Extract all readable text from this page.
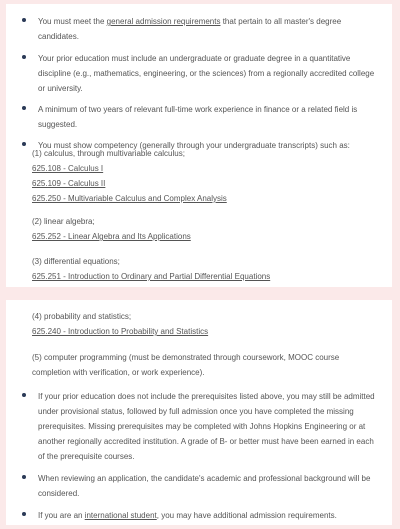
You must meet the general admission requirements that pertain to all master's degree candidates.
Your prior education must include an undergraduate or graduate degree in a quantitative discipline (e.g., mathematics, engineering, or the sciences) from a regionally accredited college or university.
A minimum of two years of relevant full-time work experience in finance or a related field is suggested.
You must show competency (generally through your undergraduate transcripts) such as:
(1) calculus, through multivariable calculus;
625.108 - Calculus I
625.109 - Calculus II
625.250 - Multivariable Calculus and Complex Analysis
(2) linear algebra;
625.252 - Linear Algebra and Its Applications
(3) differential equations;
625.251 - Introduction to Ordinary and Partial Differential Equations
(4) probability and statistics;
625.240 - Introduction to Probability and Statistics
(5) computer programming (must be demonstrated through coursework, MOOC course completion with verification, or work experience).
If your prior education does not include the prerequisites listed above, you may still be admitted under provisional status, followed by full admission once you have completed the missing prerequisites. Missing prerequisites may be completed with Johns Hopkins Engineering or at another regionally accredited institution. A grade of B- or better must have been earned in each of the prerequisite courses.
When reviewing an application, the candidate's academic and professional background will be considered.
If you are an international student, you may have additional admission requirements.
